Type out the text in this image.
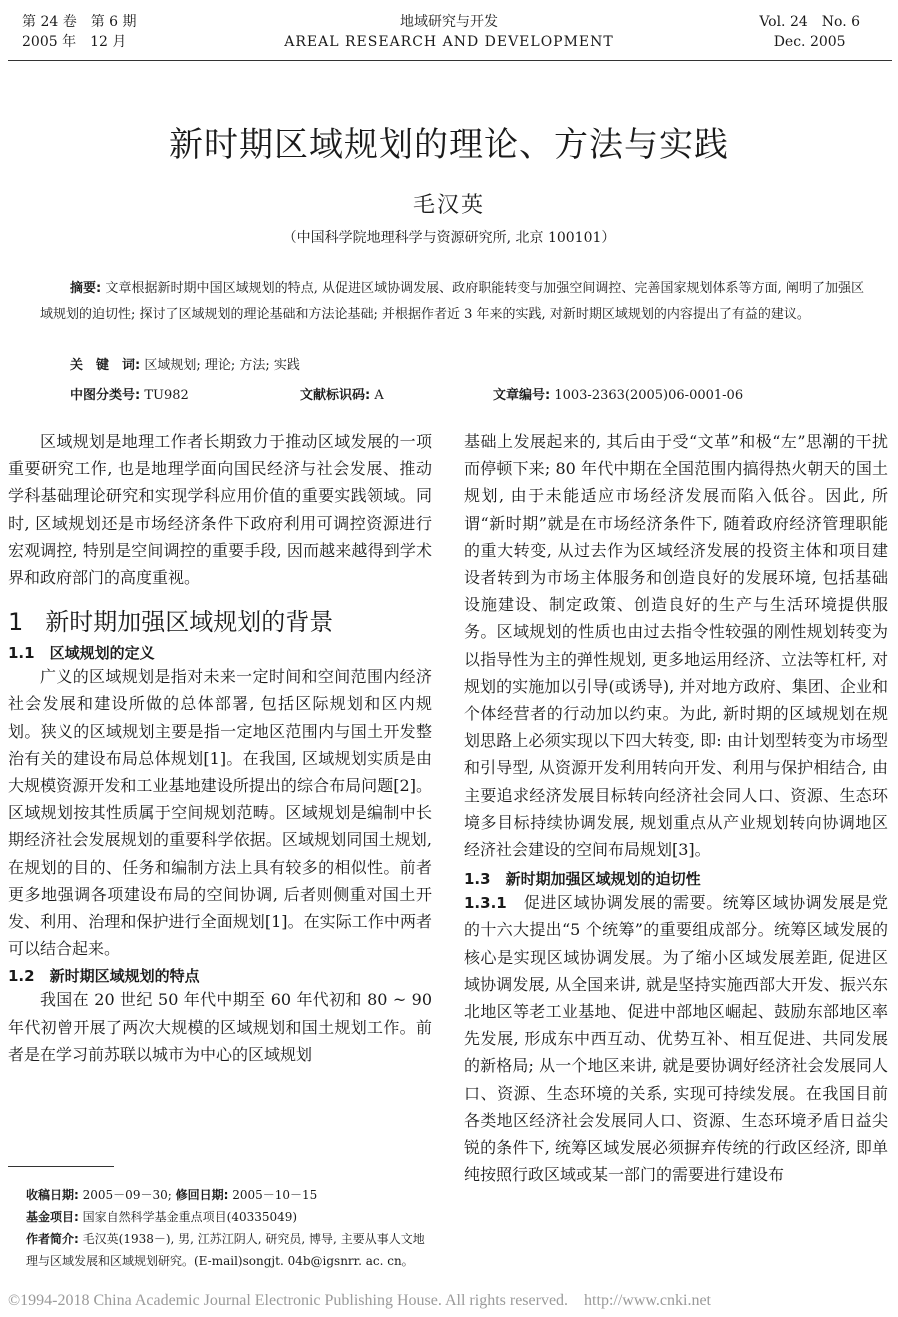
第 24 卷　第 6 期
2005 年　12 月
地域研究与开发
AREAL RESEARCH AND DEVELOPMENT
Vol. 24　No. 6
Dec. 2005
新时期区域规划的理论、方法与实践
毛汉英
（中国科学院地理科学与资源研究所, 北京 100101）
摘要: 文章根据新时期中国区域规划的特点, 从促进区域协调发展、政府职能转变与加强空间调控、完善国家规划体系等方面, 阐明了加强区域规划的迫切性; 探讨了区域规划的理论基础和方法论基础; 并根据作者近 3 年来的实践, 对新时期区域规划的内容提出了有益的建议。
关　键　词: 区域规划; 理论; 方法; 实践
中图分类号: TU982	文献标识码: A	文章编号: 1003-2363(2005)06-0001-06

区域规划是地理工作者长期致力于推动区域发展的一项重要研究工作, 也是地理学面向国民经济与社会发展、推动学科基础理论研究和实现学科应用价值的重要实践领域。同时, 区域规划还是市场经济条件下政府利用可调控资源进行宏观调控, 特别是空间调控的重要手段, 因而越来越得到学术界和政府部门的高度重视。

1 新时期加强区域规划的背景
1.1　区域规划的定义

广义的区域规划是指对未来一定时间和空间范围内经济社会发展和建设所做的总体部署, 包括区际规划和区内规划。狭义的区域规划主要是指一定地区范围内与国土开发整治有关的建设布局总体规划[1]。在我国, 区域规划实质是由大规模资源开发和工业基地建设所提出的综合布局问题[2]。区域规划按其性质属于空间规划范畴。区域规划是编制中长期经济社会发展规划的重要科学依据。区域规划同国土规划, 在规划的目的、任务和编制方法上具有较多的相似性。前者更多地强调各项建设布局的空间协调, 后者则侧重对国土开发、利用、治理和保护进行全面规划[1]。在实际工作中两者可以结合起来。

1.2　新时期区域规划的特点

我国在 20 世纪 50 年代中期至 60 年代初和 80 ~ 90 年代初曾开展了两次大规模的区域规划和国土规划工作。前者是在学习前苏联以城市为中心的区域规划

基础上发展起来的, 其后由于受“文革”和极“左”思潮的干扰而停顿下来; 80 年代中期在全国范围内搞得热火朝天的国土规划, 由于未能适应市场经济发展而陷入低谷。因此, 所谓“新时期”就是在市场经济条件下, 随着政府经济管理职能的重大转变, 从过去作为区域经济发展的投资主体和项目建设者转到为市场主体服务和创造良好的发展环境, 包括基础设施建设、制定政策、创造良好的生产与生活环境提供服务。区域规划的性质也由过去指令性较强的刚性规划转变为以指导性为主的弹性规划, 更多地运用经济、立法等杠杆, 对规划的实施加以引导(或诱导), 并对地方政府、集团、企业和个体经营者的行动加以约束。为此, 新时期的区域规划在规划思路上必须实现以下四大转变, 即: 由计划型转变为市场型和引导型, 从资源开发利用转向开发、利用与保护相结合, 由主要追求经济发展目标转向经济社会同人口、资源、生态环境多目标持续协调发展, 规划重点从产业规划转向协调地区经济社会建设的空间布局规划[3]。

1.3　新时期加强区域规划的迫切性

1.3.1　 促进区域协调发展的需要。统筹区域协调发展是党的十六大提出“5 个统筹”的重要组成部分。统筹区域发展的核心是实现区域协调发展。为了缩小区域发展差距, 促进区域协调发展, 从全国来讲, 就是坚持实施西部大开发、振兴东北地区等老工业基地、促进中部地区崛起、鼓励东部地区率先发展, 形成东中西互动、优势互补、相互促进、共同发展的新格局; 从一个地区来讲, 就是要协调好经济社会发展同人口、资源、生态环境的关系, 实现可持续发展。在我国目前各类地区经济社会发展同人口、资源、生态环境矛盾日益尖锐的条件下, 统筹区域发展必须摒弃传统的行政区经济, 即单纯按照行政区域或某一部门的需要进行建设布

收稿日期: 2005－09－30; 修回日期: 2005－10－15
基金项目: 国家自然科学基金重点项目(40335049)
作者简介: 毛汉英(1938－), 男, 江苏江阴人, 研究员, 博导, 主要从事人文地理与区域发展和区域规划研究。(E-mail)songjt. 04b@igsnrr. ac. cn。
©1994-2018 China Academic Journal Electronic Publishing House. All rights reserved.　http://www.cnki.net
